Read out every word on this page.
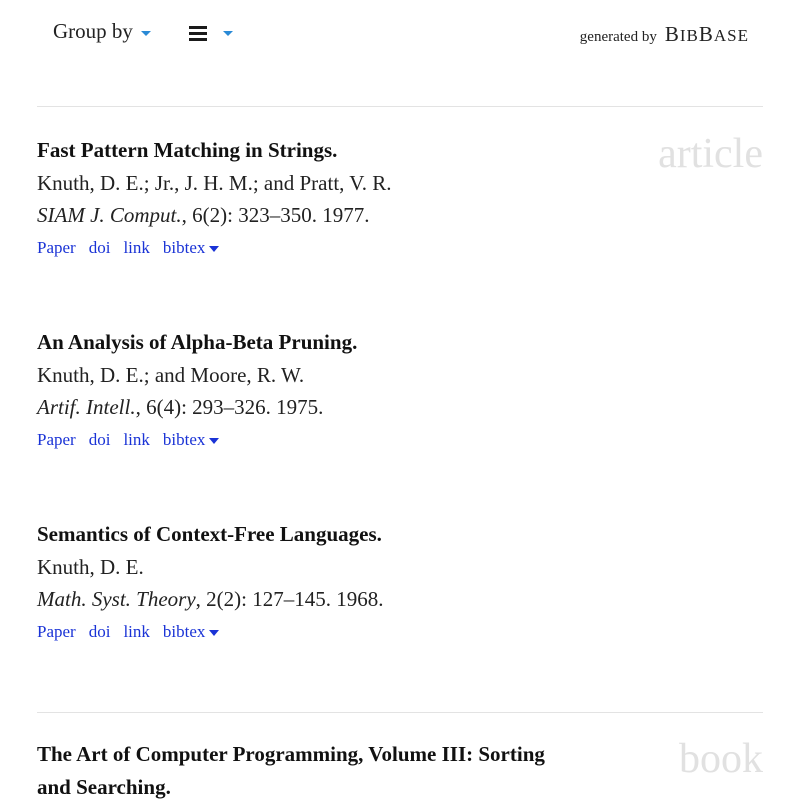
Group by	generated by BIBBASE
article
Fast Pattern Matching in Strings.
Knuth, D. E.; Jr., J. H. M.; and Pratt, V. R.
SIAM J. Comput., 6(2): 323–350. 1977.
Paper doi link bibtex
An Analysis of Alpha-Beta Pruning.
Knuth, D. E.; and Moore, R. W.
Artif. Intell., 6(4): 293–326. 1975.
Paper doi link bibtex
Semantics of Context-Free Languages.
Knuth, D. E.
Math. Syst. Theory, 2(2): 127–145. 1968.
Paper doi link bibtex
book
The Art of Computer Programming, Volume III: Sorting and Searching.
